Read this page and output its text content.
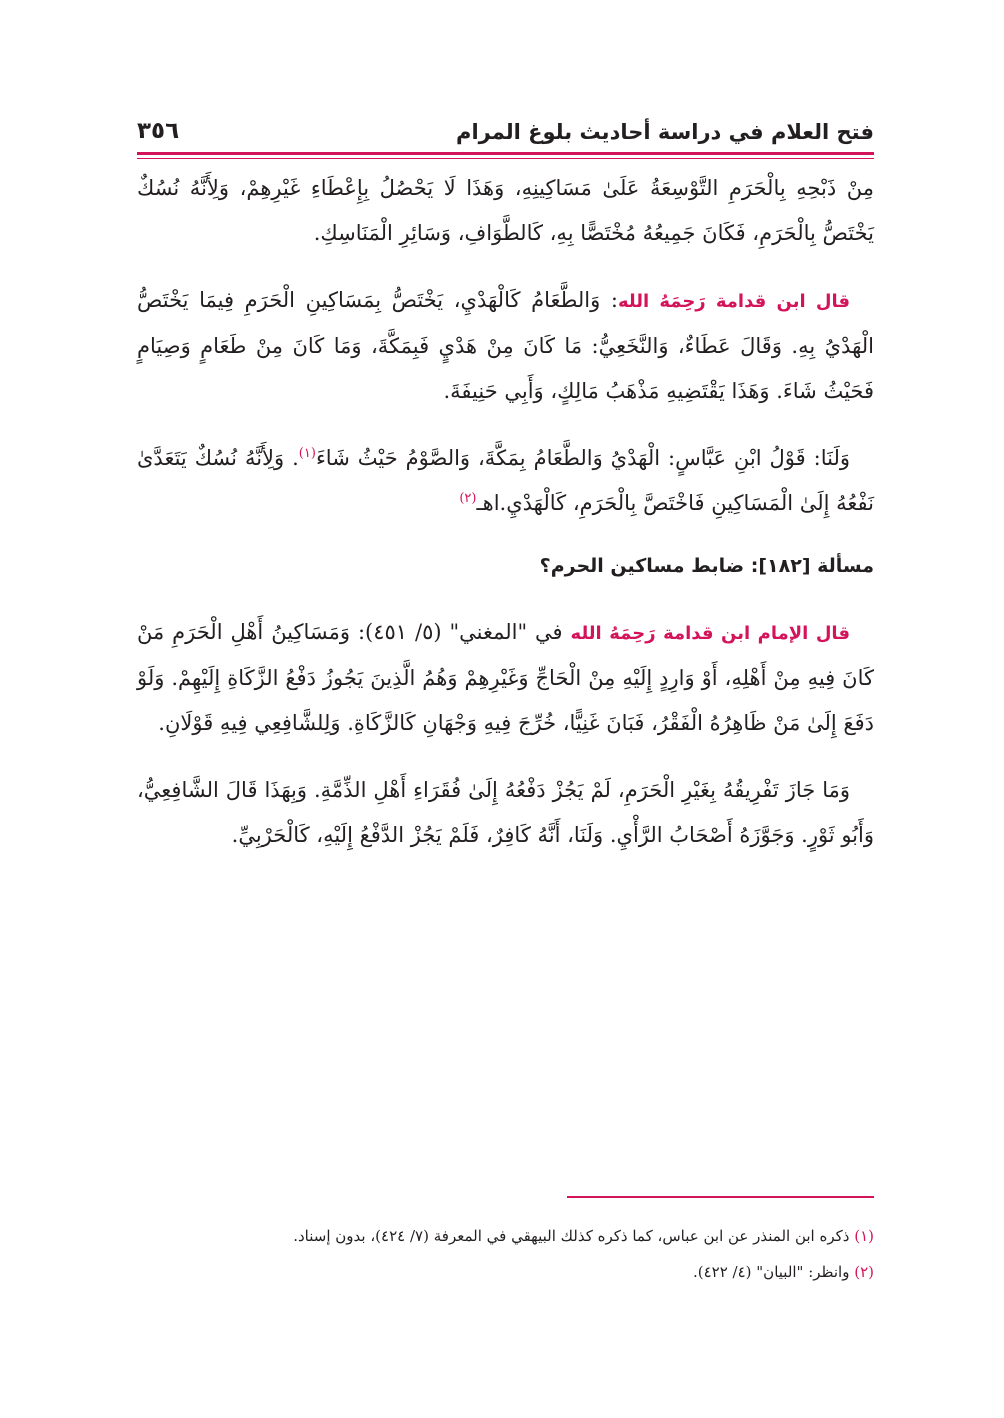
فتح العلام في دراسة أحاديث بلوغ المرام
٣٥٦

مِنْ ذَبْحِهِ بِالْحَرَمِ التَّوْسِعَةُ عَلَىٰ مَسَاكِينِهِ، وَهَذَا لَا يَحْصُلُ بِإِعْطَاءِ غَيْرِهِمْ، وَلِأَنَّهُ نُسُكٌ يَخْتَصُّ بِالْحَرَمِ، فَكَانَ جَمِيعُهُ مُخْتَصًّا بِهِ، كَالطَّوَافِ، وَسَائِرِ الْمَنَاسِكِ.

قال ابن قدامة رَحِمَهُ الله: وَالطَّعَامُ كَالْهَدْيِ، يَخْتَصُّ بِمَسَاكِينِ الْحَرَمِ فِيمَا يَخْتَصُّ الْهَدْيُ بِهِ. وَقَالَ عَطَاءٌ، وَالنَّخَعِيُّ: مَا كَانَ مِنْ هَدْيٍ فَبِمَكَّةَ، وَمَا كَانَ مِنْ طَعَامٍ وَصِيَامٍ فَحَيْثُ شَاءَ. وَهَذَا يَقْتَضِيهِ مَذْهَبُ مَالِكٍ، وَأَبِي حَنِيفَةَ.

وَلَنَا: قَوْلُ ابْنِ عَبَّاسٍ: الْهَدْيُ وَالطَّعَامُ بِمَكَّةَ، وَالصَّوْمُ حَيْثُ شَاءَ$^{(١)}$. وَلِأَنَّهُ نُسُكٌ يَتَعَدَّىٰ نَفْعُهُ إِلَىٰ الْمَسَاكِينِ فَاخْتَصَّ بِالْحَرَمِ، كَالْهَدْيِ.اهـ$^{(٢)}$

مسألة [١٨٢]: ضابط مساكين الحرم؟

قال الإمام ابن قدامة رَحِمَهُ الله في "المغني" (٥/ ٤٥١): وَمَسَاكِينُ أَهْلِ الْحَرَمِ مَنْ كَانَ فِيهِ مِنْ أَهْلِهِ، أَوْ وَارِدٍ إِلَيْهِ مِنْ الْحَاجِّ وَغَيْرِهِمْ وَهُمُ الَّذِينَ يَجُوزُ دَفْعُ الزَّكَاةِ إِلَيْهِمْ. وَلَوْ دَفَعَ إِلَىٰ مَنْ ظَاهِرُهُ الْفَقْرُ، فَبَانَ غَنِيًّا، خُرِّجَ فِيهِ وَجْهَانِ كَالزَّكَاةِ. وَلِلشَّافِعِي فِيهِ قَوْلَانِ.

وَمَا جَازَ تَفْرِيقُهُ بِغَيْرِ الْحَرَمِ، لَمْ يَجُزْ دَفْعُهُ إِلَىٰ فُقَرَاءِ أَهْلِ الذِّمَّةِ. وَبِهَذَا قَالَ الشَّافِعِيُّ، وَأَبُو ثَوْرٍ. وَجَوَّزَهُ أَصْحَابُ الرَّأْيِ. وَلَنَا، أَنَّهُ كَافِرٌ، فَلَمْ يَجُزْ الدَّفْعُ إِلَيْهِ، كَالْحَرْبِيِّ.

(١) ذكره ابن المنذر عن ابن عباس، كما ذكره كذلك البيهقي في المعرفة (٧/ ٤٢٤)، بدون إسناد.

(٢) وانظر: "البيان" (٤/ ٤٢٢).
